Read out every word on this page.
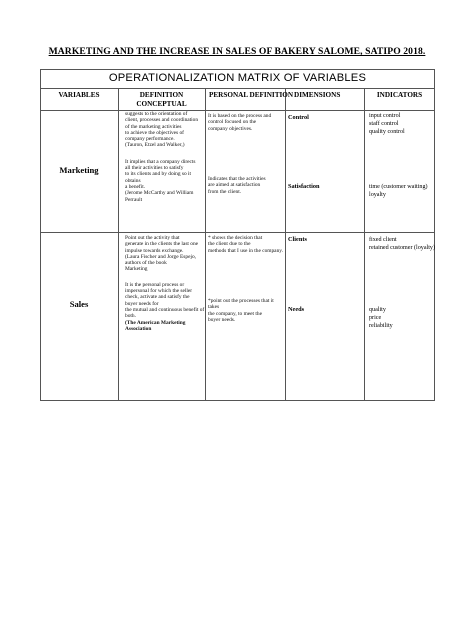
MARKETING AND THE INCREASE IN SALES OF BAKERY SALOME, SATIPO 2018.
OPERATIONALIZATION MATRIX OF VARIABLES
VARIABLES	DEFINITION
CONCEPTUAL
PERSONAL DEFINITION DIMENSIONS	INDICATORS
Marketing
suggests to the orientation of
client, processes and coordination
of the marketing activities
to achieve the objectives of
company performance.
(Tauron, Etzel and Walker,)
It implies that a company directs
all their activities to satisfy
to its clients and by doing so it obtains
a benefit.
(Jerome McCarthy and William
Perrault
It is based on the process and
control focused on the
company objectives.
Indicates that the activities
are aimed at satisfaction
from the client.
Control
Satisfaction
input control
staff control
quality control
time (customer waiting)
loyalty
Sales
Point out the activity that
generate in the clients the last one
impulse towards exchange.
(Laura Fischer and Jorge Espejo,
authors of the book
Marketing
It is the personal process or
impersonal for which the seller
check, activate and satisfy the
buyer needs for
the mutual and continuous benefit of
both.
(The American Marketing
Association
* shows the decision that
the client due to the
methods that I use in the company.
*point out the processes that it takes
the company, to meet the
buyer needs.
Clients
Needs
fixed client
retained customer (loyalty)
quality
price
reliability
